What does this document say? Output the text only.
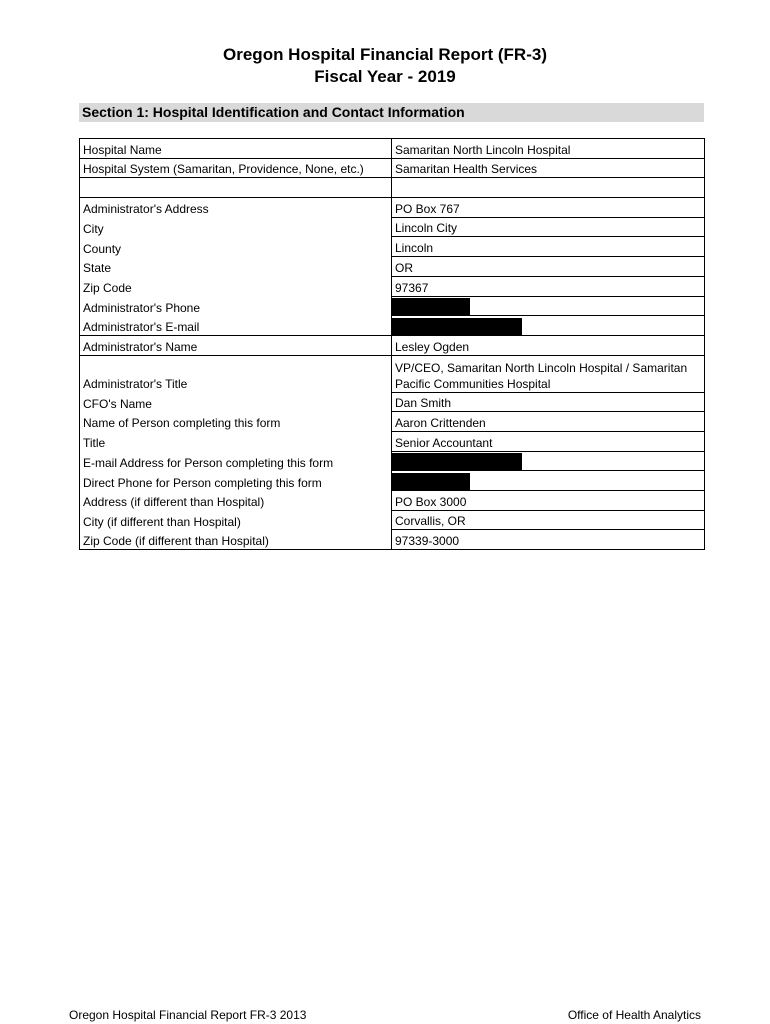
Oregon Hospital Financial Report (FR-3)
Fiscal Year - 2019
Section 1: Hospital Identification and Contact Information
Hospital Name	Samaritan North Lincoln Hospital
Hospital System (Samaritan, Providence, None, etc.)	Samaritan Health Services

Administrator's Address	PO Box 767
City	Lincoln City
County	Lincoln
State	OR
Zip Code	97367
Administrator's Phone	
Administrator's E-mail	
Administrator's Name	Lesley Ogden
Administrator's Title	VP/CEO, Samaritan North Lincoln Hospital / Samaritan Pacific Communities Hospital
CFO's Name	Dan Smith
Name of Person completing this form	Aaron Crittenden
Title	Senior Accountant
E-mail Address for Person completing this form	
Direct Phone for Person completing this form	
Address (if different than Hospital)	PO Box 3000
City (if different than Hospital)	Corvallis, OR
Zip Code (if different than Hospital)	97339-3000
Oregon Hospital Financial Report FR-3 2013	Office of Health Analytics
